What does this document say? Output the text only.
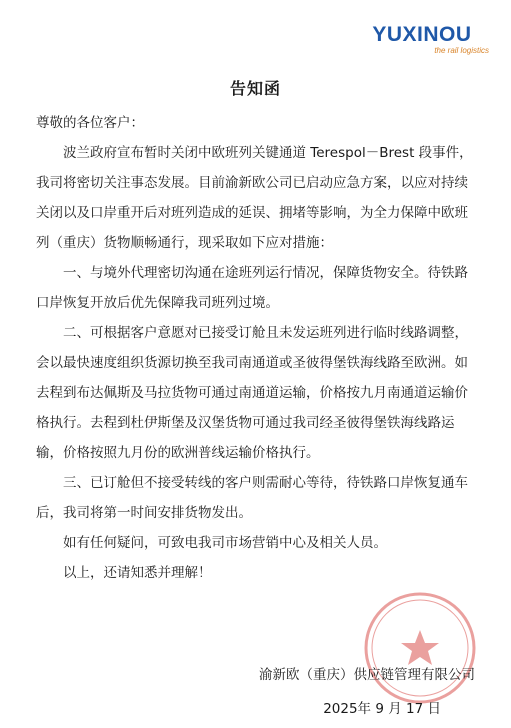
YUXINOU
the rail logistics
告知函

尊敬的各位客户：

波兰政府宣布暂时关闭中欧班列关键通道 Terespol－Brest 段事件，我司将密切关注事态发展。目前渝新欧公司已启动应急方案，以应对持续关闭以及口岸重开后对班列造成的延误、拥堵等影响，为全力保障中欧班列（重庆）货物顺畅通行，现采取如下应对措施：

一、与境外代理密切沟通在途班列运行情况，保障货物安全。待铁路口岸恢复开放后优先保障我司班列过境。

二、可根据客户意愿对已接受订舱且未发运班列进行临时线路调整，会以最快速度组织货源切换至我司南通道或圣彼得堡铁海线路至欧洲。如去程到布达佩斯及马拉货物可通过南通道运输，价格按九月南通道运输价格执行。去程到杜伊斯堡及汉堡货物可通过我司经圣彼得堡铁海线路运输，价格按照九月份的欧洲普线运输价格执行。

三、已订舱但不接受转线的客户则需耐心等待，待铁路口岸恢复通车后，我司将第一时间安排货物发出。

如有任何疑问，可致电我司市场营销中心及相关人员。

以上，还请知悉并理解！

渝新欧（重庆）供应链管理有限公司
2025年 9 月 17 日
